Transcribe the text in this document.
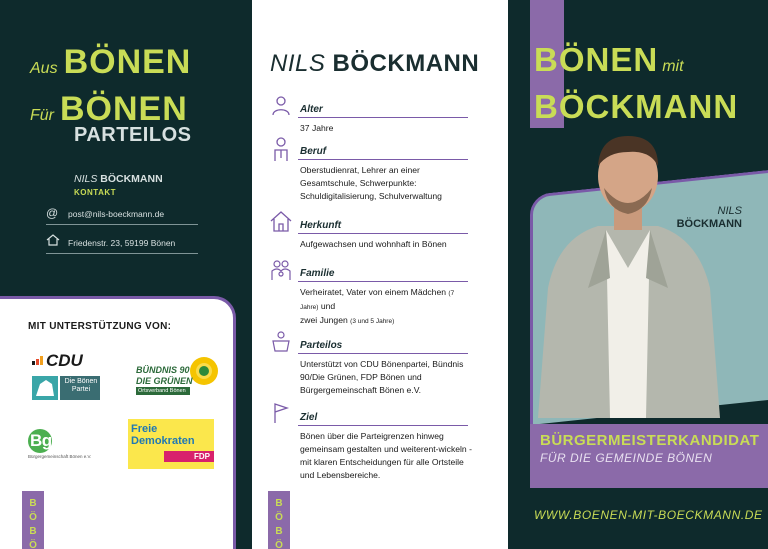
Aus BÖNEN
Für BÖNEN
PARTEILOS
NILS BÖCKMANN
KONTAKT
@ post@nils-boeckmann.de
Friedenstr. 23, 59199 Bönen
MIT UNTERSTÜTZUNG VON:
CDU
Die Bönen Partei
BÜNDNIS 90
DIE GRÜNEN
Ortsverband Bönen
BgBönen
Bürgergemeinschaft Bönen e.V.
Freie
Demokraten
FDP
BÖ BÖ
NILS BÖCKMANN
Alter
37 Jahre
Beruf
Oberstudienrat, Lehrer an einer Gesamtschule, Schwerpunkte: Schuldigitalisierung, Schulverwaltung
Herkunft
Aufgewachsen und wohnhaft in Bönen
Familie
Verheiratet, Vater von einem Mädchen (7 Jahre) und
zwei Jungen (3 und 5 Jahre)
Parteilos
Unterstützt von CDU Bönenpartei, Bündnis 90/Die Grünen, FDP Bönen und Bürgergemeinschaft Bönen e.V.
Ziel
Bönen über die Parteigrenzen hinweg gemeinsam gestalten und weiterent-wickeln - mit klaren Entscheidungen für alle Ortsteile und Lebensbereiche.
BÖ BÖ
BÖNEN mit
BÖCKMANN
NILS
BÖCKMANN
BÜRGERMEISTERKANDIDAT
FÜR DIE GEMEINDE BÖNEN
WWW.BOENEN-MIT-BOECKMANN.DE
